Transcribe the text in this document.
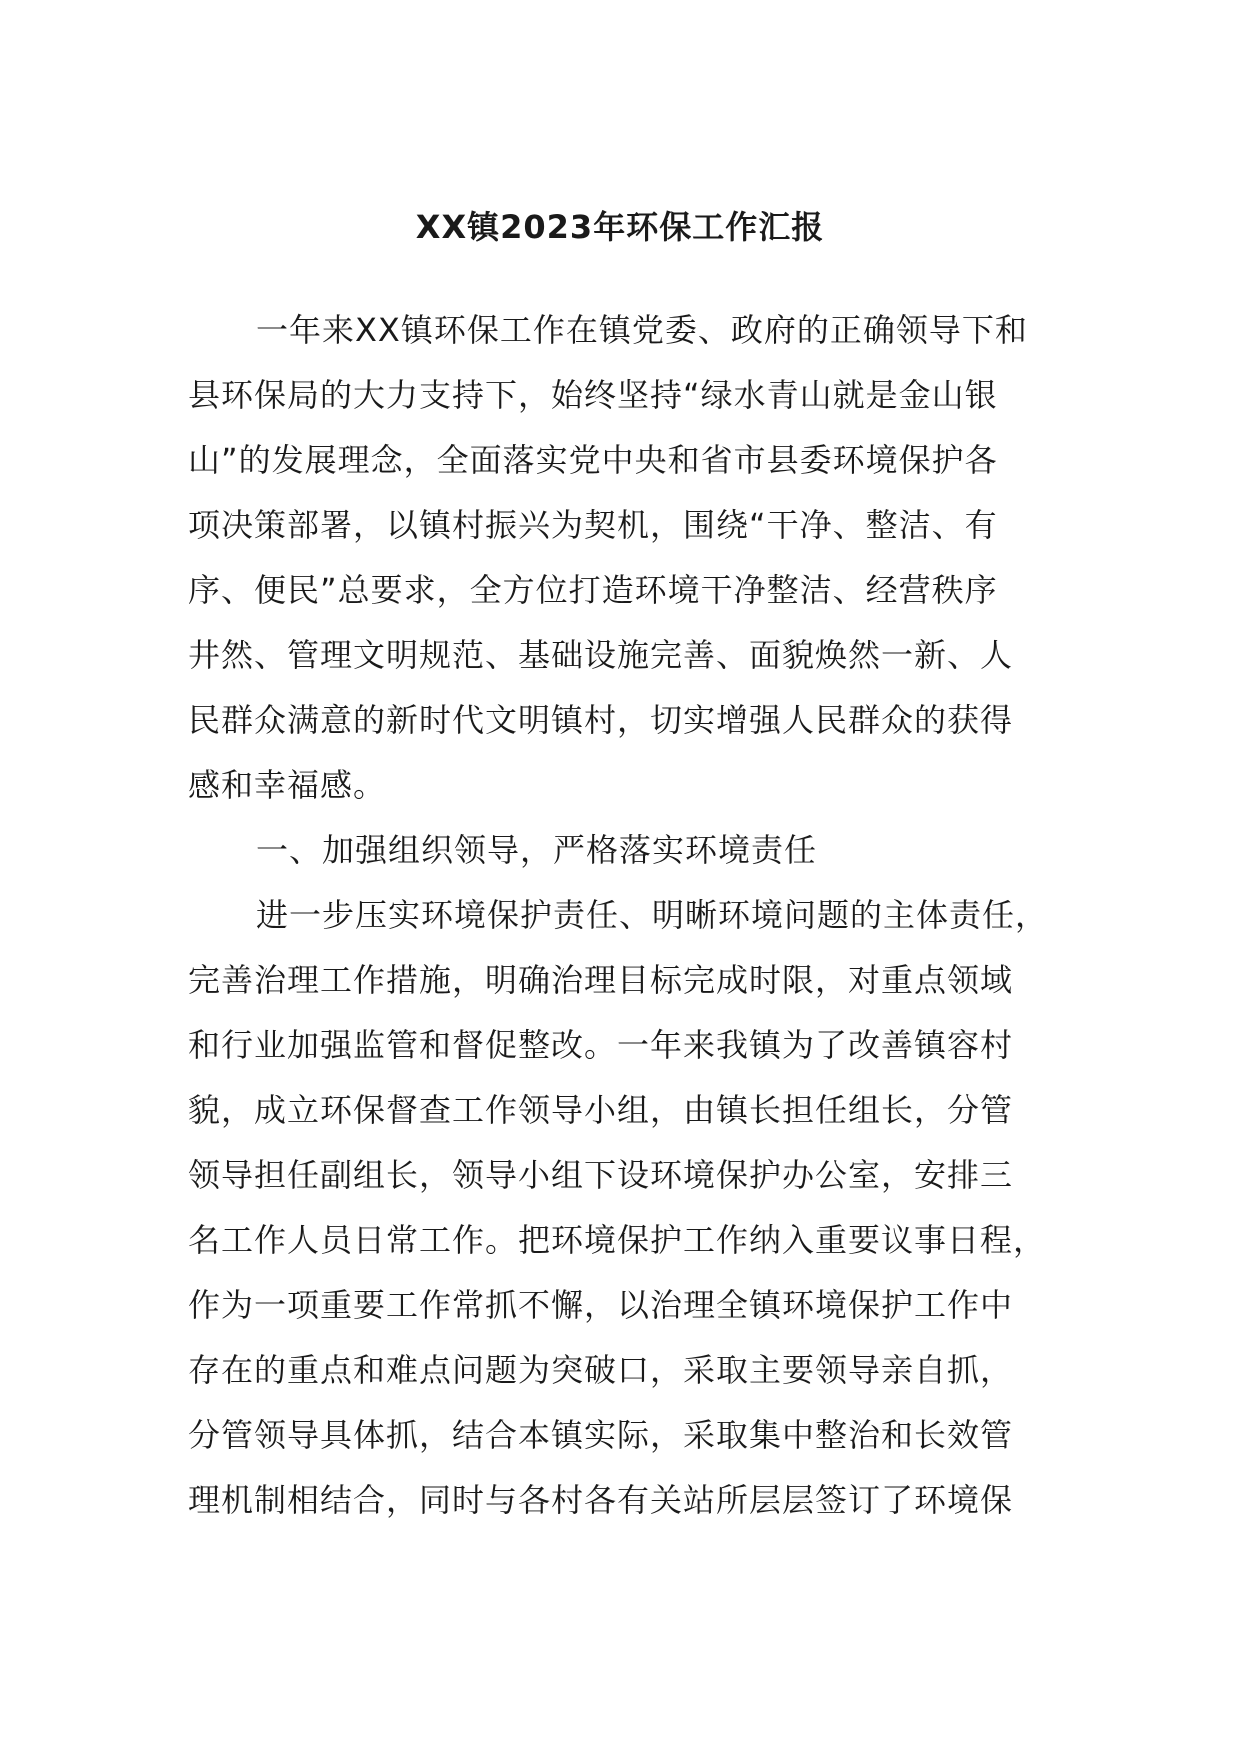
XX镇2023年环保工作汇报
一年来XX镇环保工作在镇党委、政府的正确领导下和
县环保局的大力支持下，始终坚持“绿水青山就是金山银
山”的发展理念，全面落实党中央和省市县委环境保护各
项决策部署，以镇村振兴为契机，围绕“干净、整洁、有
序、便民”总要求，全方位打造环境干净整洁、经营秩序
井然、管理文明规范、基础设施完善、面貌焕然一新、人
民群众满意的新时代文明镇村，切实增强人民群众的获得
感和幸福感。
一、加强组织领导，严格落实环境责任
进一步压实环境保护责任、明晰环境问题的主体责任，
完善治理工作措施，明确治理目标完成时限，对重点领域
和行业加强监管和督促整改。一年来我镇为了改善镇容村
貌，成立环保督查工作领导小组，由镇长担任组长，分管
领导担任副组长，领导小组下设环境保护办公室，安排三
名工作人员日常工作。把环境保护工作纳入重要议事日程，
作为一项重要工作常抓不懈，以治理全镇环境保护工作中
存在的重点和难点问题为突破口，采取主要领导亲自抓，
分管领导具体抓，结合本镇实际，采取集中整治和长效管
理机制相结合，同时与各村各有关站所层层签订了环境保
